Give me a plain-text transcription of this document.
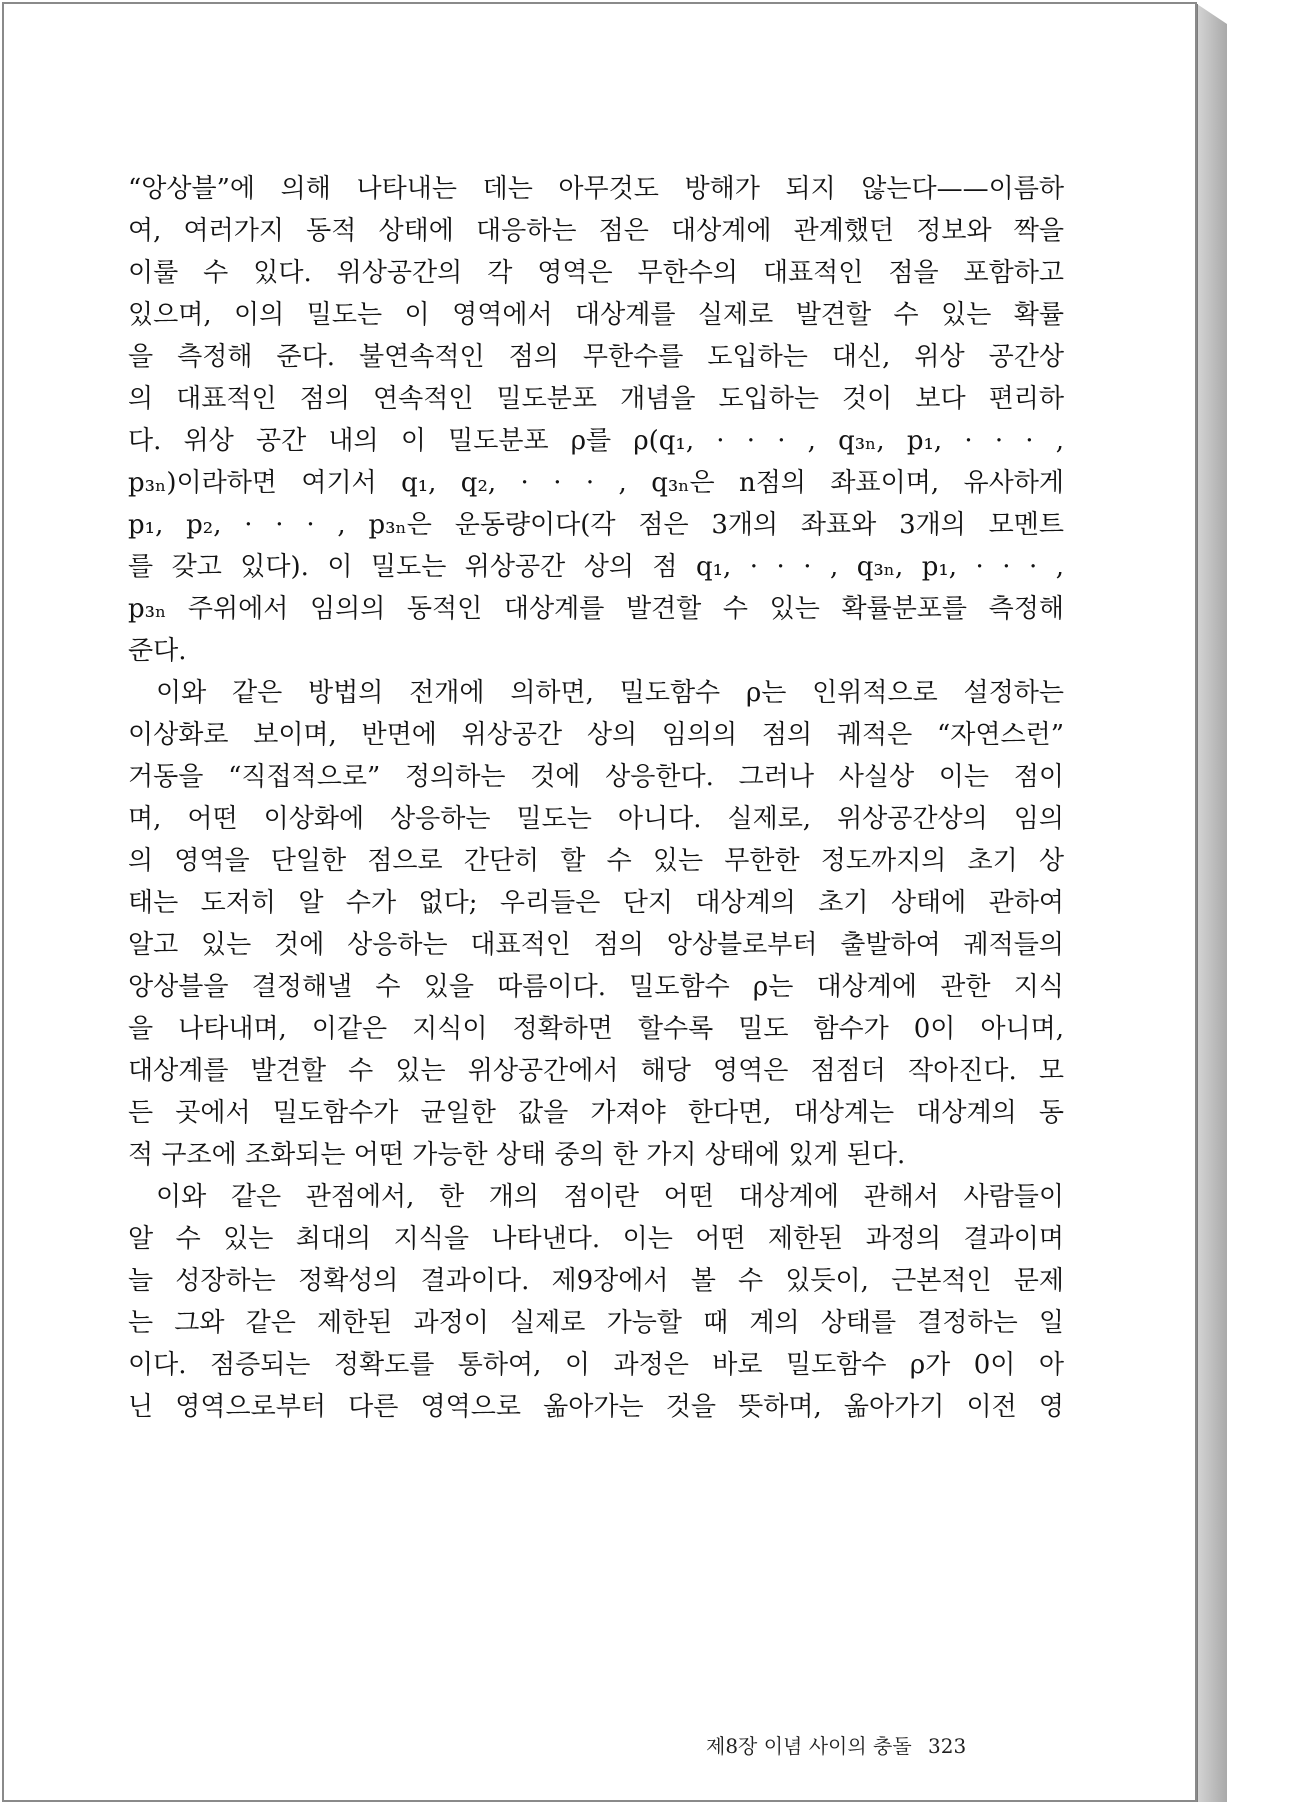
“앙상블”에 의해 나타내는 데는 아무것도 방해가 되지 않는다——이름하
여, 여러가지 동적 상태에 대응하는 점은 대상계에 관계했던 정보와 짝을
이룰 수 있다. 위상공간의 각 영역은 무한수의 대표적인 점을 포함하고
있으며, 이의 밀도는 이 영역에서 대상계를 실제로 발견할 수 있는 확률
을 측정해 준다. 불연속적인 점의 무한수를 도입하는 대신, 위상 공간상
의 대표적인 점의 연속적인 밀도분포 개념을 도입하는 것이 보다 편리하
다. 위상 공간 내의 이 밀도분포 ρ를 ρ(q₁, · · · , q₃ₙ, p₁, · · · ,
p₃ₙ)이라하면 여기서 q₁, q₂, · · · , q₃ₙ은 n점의 좌표이며, 유사하게
p₁, p₂, · · · , p₃ₙ은 운동량이다(각 점은 3개의 좌표와 3개의 모멘트
를 갖고 있다). 이 밀도는 위상공간 상의 점 q₁, · · · , q₃ₙ, p₁, · · · ,
p₃ₙ 주위에서 임의의 동적인 대상계를 발견할 수 있는 확률분포를 측정해
준다.
이와 같은 방법의 전개에 의하면, 밀도함수 ρ는 인위적으로 설정하는
이상화로 보이며, 반면에 위상공간 상의 임의의 점의 궤적은 “자연스런”
거동을 “직접적으로” 정의하는 것에 상응한다. 그러나 사실상 이는 점이
며, 어떤 이상화에 상응하는 밀도는 아니다. 실제로, 위상공간상의 임의
의 영역을 단일한 점으로 간단히 할 수 있는 무한한 정도까지의 초기 상
태는 도저히 알 수가 없다; 우리들은 단지 대상계의 초기 상태에 관하여
알고 있는 것에 상응하는 대표적인 점의 앙상블로부터 출발하여 궤적들의
앙상블을 결정해낼 수 있을 따름이다. 밀도함수 ρ는 대상계에 관한 지식
을 나타내며, 이같은 지식이 정확하면 할수록 밀도 함수가 0이 아니며,
대상계를 발견할 수 있는 위상공간에서 해당 영역은 점점더 작아진다. 모
든 곳에서 밀도함수가 균일한 값을 가져야 한다면, 대상계는 대상계의 동
적 구조에 조화되는 어떤 가능한 상태 중의 한 가지 상태에 있게 된다.
이와 같은 관점에서, 한 개의 점이란 어떤 대상계에 관해서 사람들이
알 수 있는 최대의 지식을 나타낸다. 이는 어떤 제한된 과정의 결과이며
늘 성장하는 정확성의 결과이다. 제9장에서 볼 수 있듯이, 근본적인 문제
는 그와 같은 제한된 과정이 실제로 가능할 때 계의 상태를 결정하는 일
이다. 점증되는 정확도를 통하여, 이 과정은 바로 밀도함수 ρ가 0이 아
닌 영역으로부터 다른 영역으로 옮아가는 것을 뜻하며, 옮아가기 이전 영
제8장 이념 사이의 충돌 323
